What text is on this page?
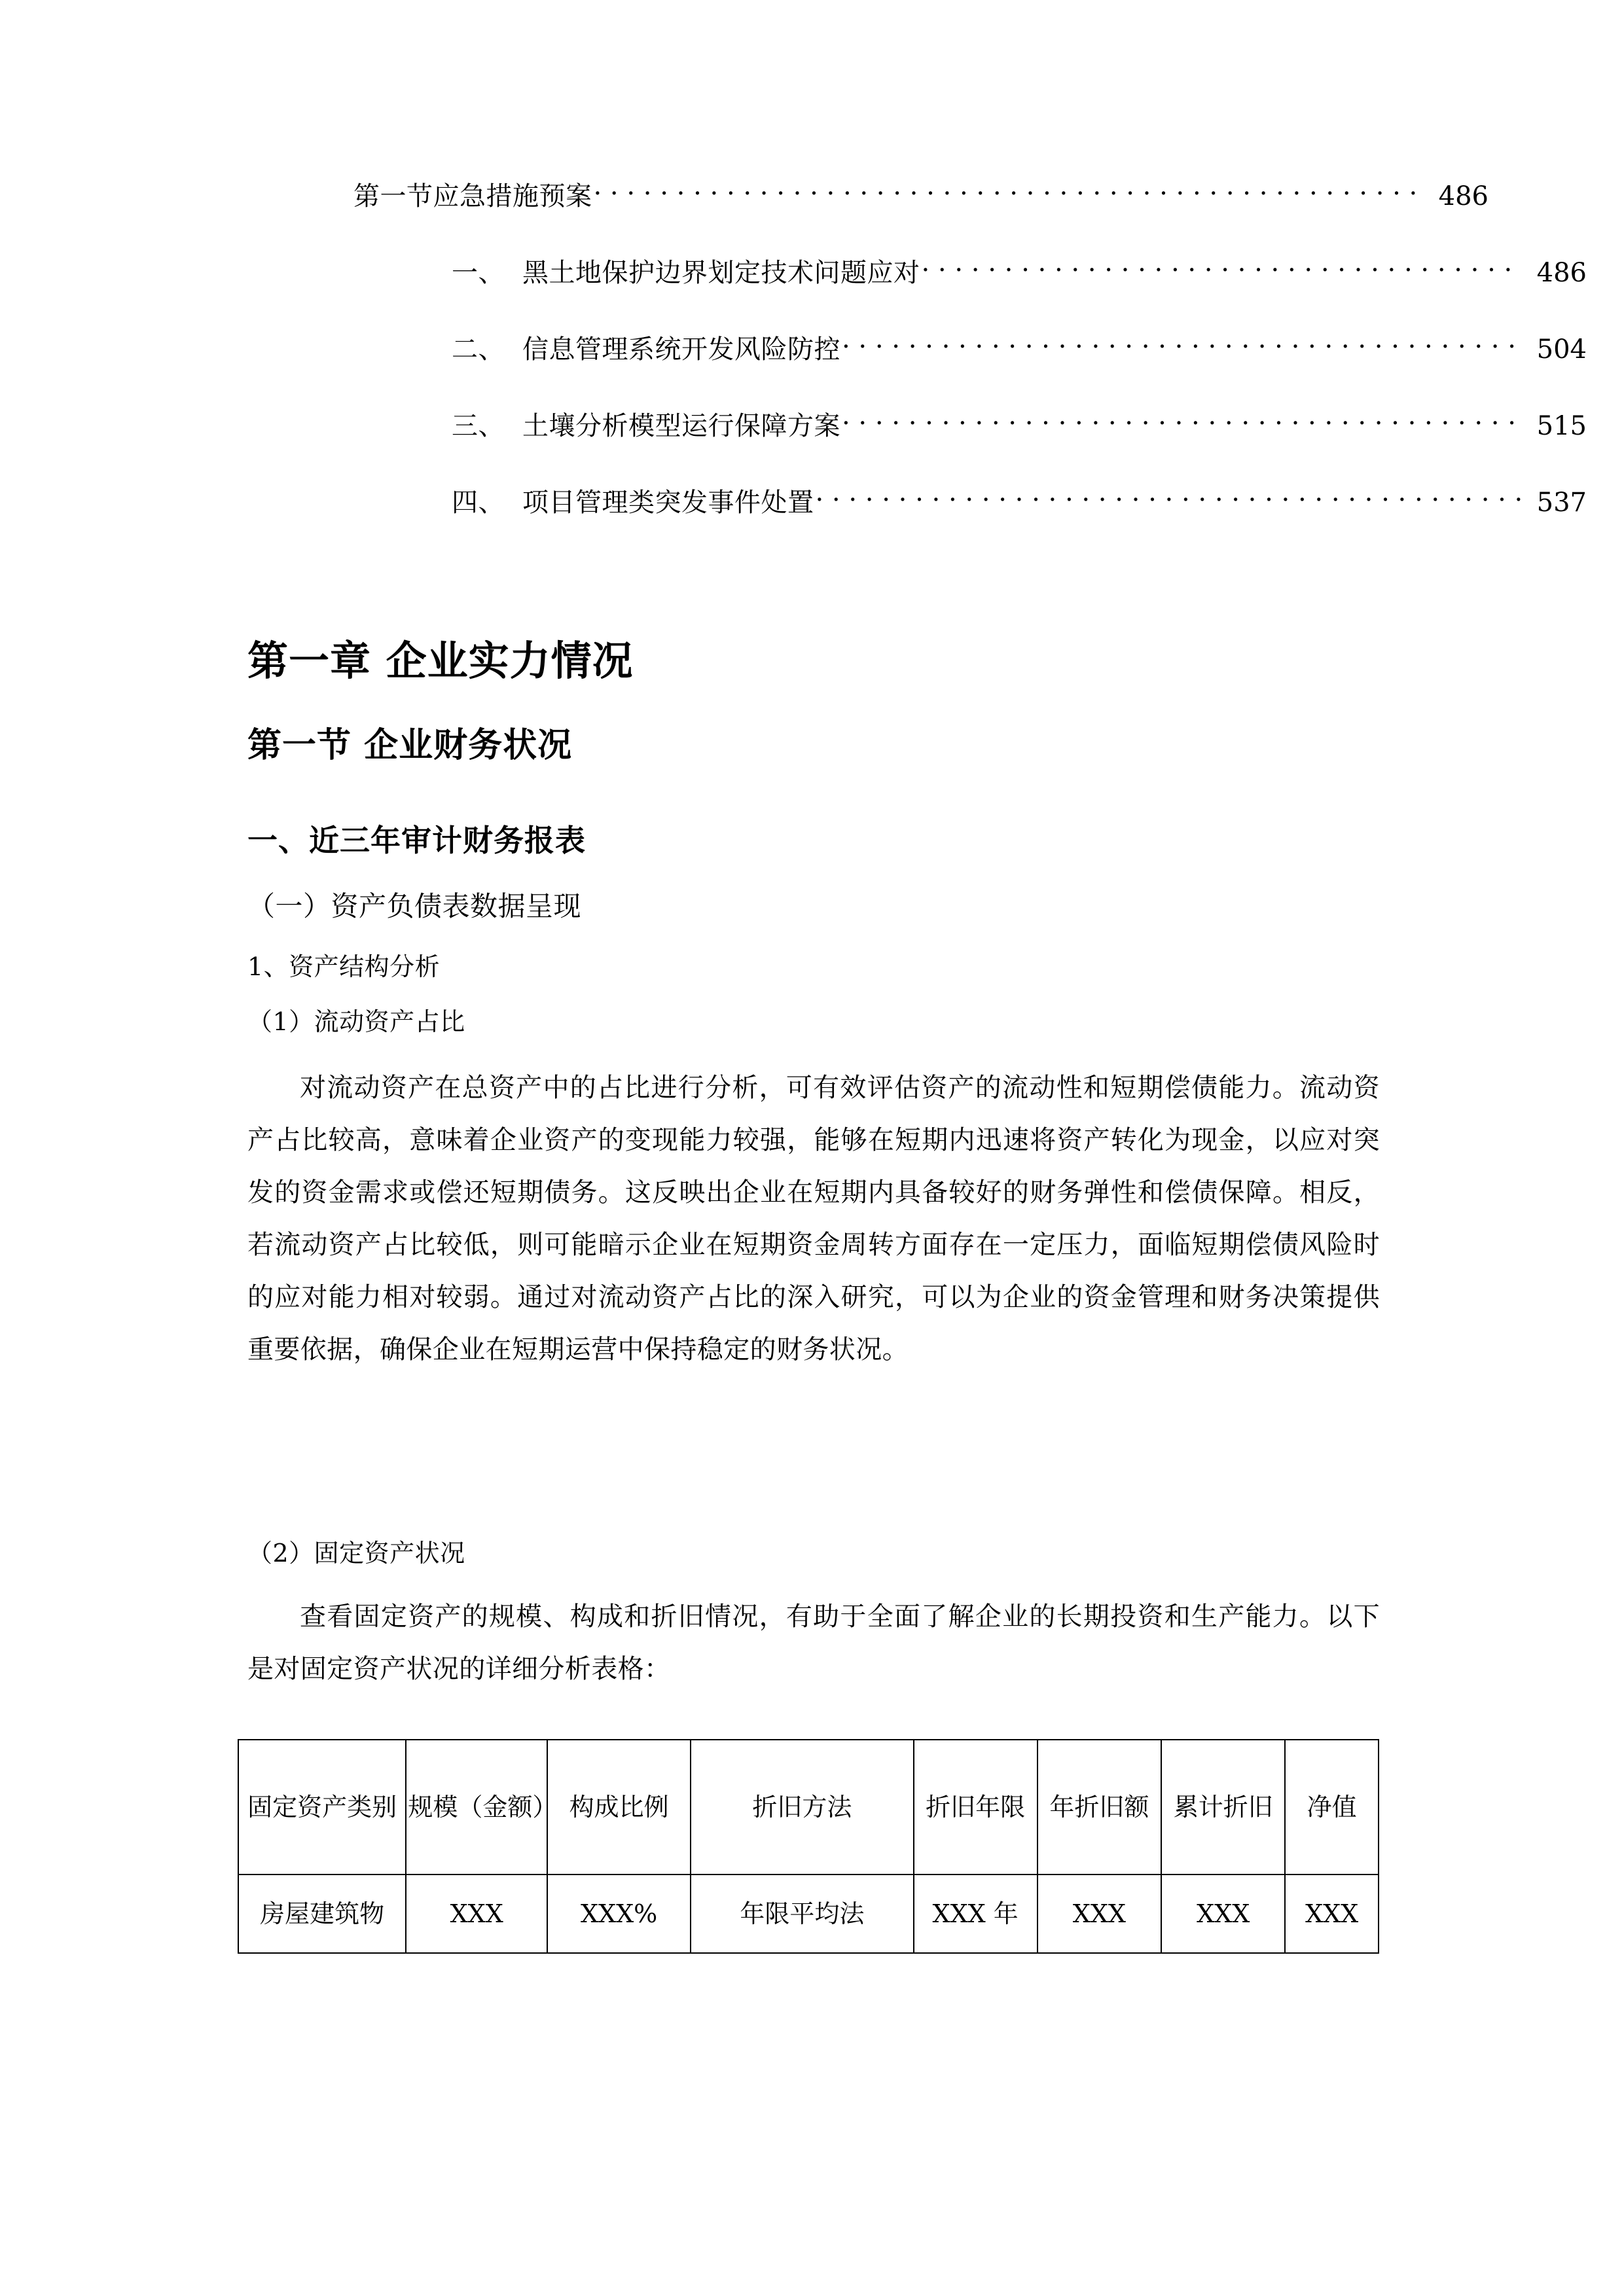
第一节应急措施预案 . . .	486
一、 黑土地保护边界划定技术问题应对 . . .	486
二、 信息管理系统开发风险防控 . . .	504
三、 土壤分析模型运行保障方案 . . .	515
四、 项目管理类突发事件处置 . . .	537
第一章 企业实力情况
第一节 企业财务状况
一、近三年审计财务报表
（一）资产负债表数据呈现
1、资产结构分析
（1）流动资产占比
对流动资产在总资产中的占比进行分析，可有效评估资产的流动性和短期偿债能力。流动资产占比较高，意味着企业资产的变现能力较强，能够在短期内迅速将资产转化为现金，以应对突发的资金需求或偿还短期债务。这反映出企业在短期内具备较好的财务弹性和偿债保障。相反，若流动资产占比较低，则可能暗示企业在短期资金周转方面存在一定压力，面临短期偿债风险时的应对能力相对较弱。通过对流动资产占比的深入研究，可以为企业的资金管理和财务决策提供重要依据，确保企业在短期运营中保持稳定的财务状况。
（2）固定资产状况
查看固定资产的规模、构成和折旧情况，有助于全面了解企业的长期投资和生产能力。以下是对固定资产状况的详细分析表格：
固定资产类别	规模（金额）	构成比例	折旧方法	折旧年限	年折旧额	累计折旧	净值
房屋建筑物	XXX	XXX%	年限平均法	XXX 年	XXX	XXX	XXX
